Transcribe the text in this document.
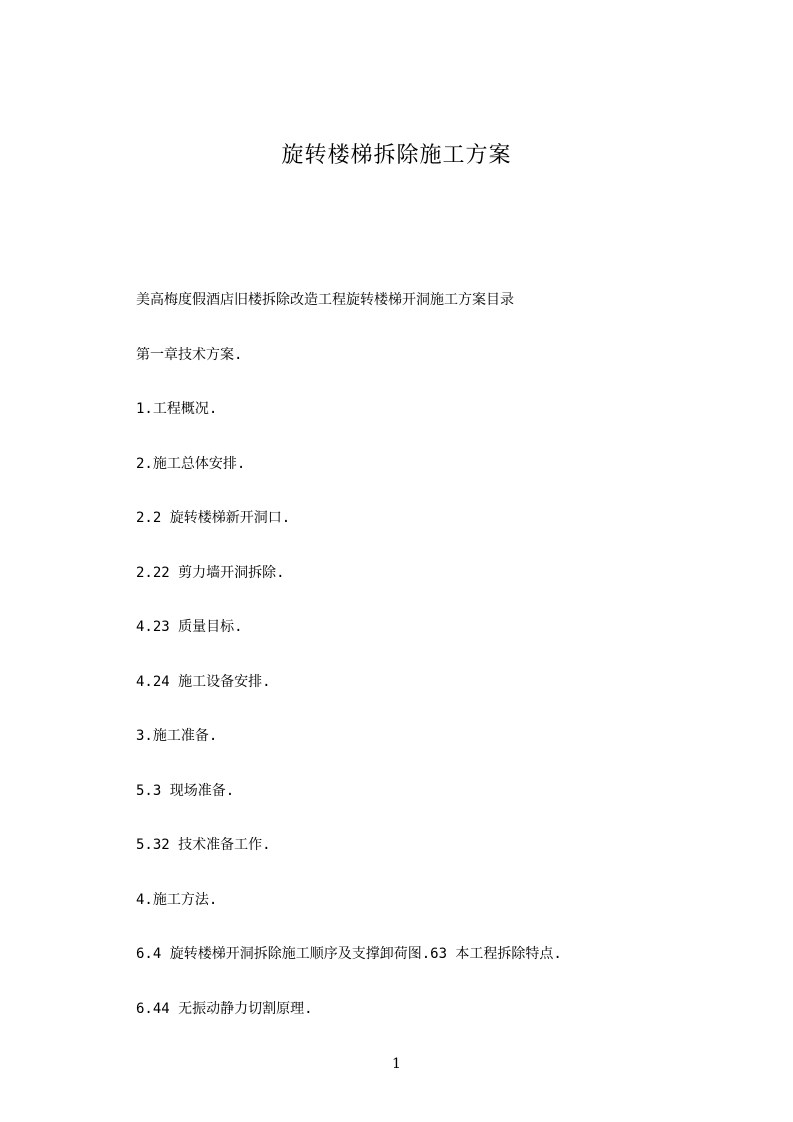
旋转楼梯拆除施工方案
美高梅度假酒店旧楼拆除改造工程旋转楼梯开洞施工方案目录
第一章技术方案.
1.工程概况.
2.施工总体安排.
2.2 旋转楼梯新开洞口.
2.22 剪力墙开洞拆除.
4.23 质量目标.
4.24 施工设备安排.
3.施工准备.
5.3 现场准备.
5.32 技术准备工作.
4.施工方法.
6.4 旋转楼梯开洞拆除施工顺序及支撑卸荷图.63 本工程拆除特点.
6.44 无振动静力切割原理.
1
